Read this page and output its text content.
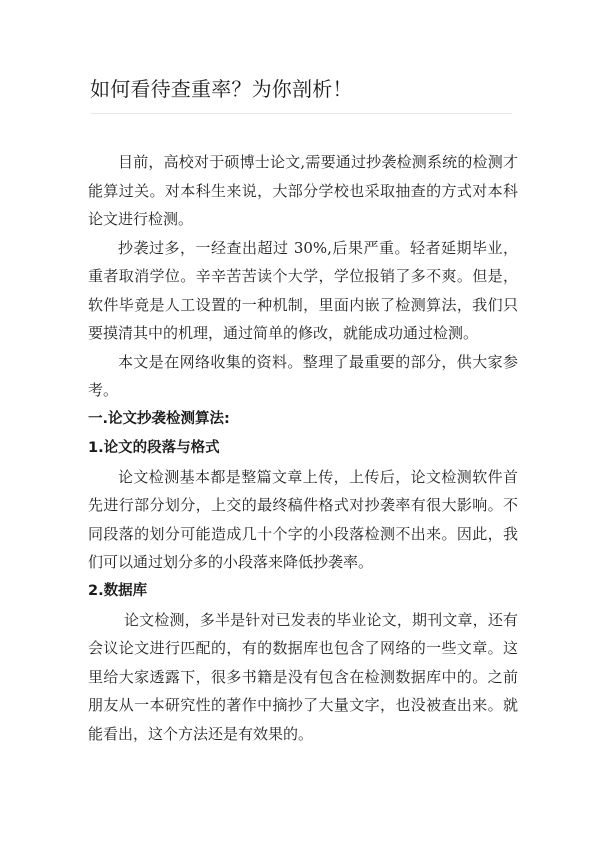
如何看待查重率？为你剖析！

目前，高校对于硕博士论文,需要通过抄袭检测系统的检测才能算过关。对本科生来说，大部分学校也采取抽查的方式对本科论文进行检测。

抄袭过多，一经查出超过 30%,后果严重。轻者延期毕业，重者取消学位。辛辛苦苦读个大学，学位报销了多不爽。但是，软件毕竟是人工设置的一种机制，里面内嵌了检测算法，我们只要摸清其中的机理，通过简单的修改，就能成功通过检测。

本文是在网络收集的资料。整理了最重要的部分，供大家参考。

一.论文抄袭检测算法:
1.论文的段落与格式

论文检测基本都是整篇文章上传，上传后，论文检测软件首先进行部分划分，上交的最终稿件格式对抄袭率有很大影响。不同段落的划分可能造成几十个字的小段落检测不出来。因此，我们可以通过划分多的小段落来降低抄袭率。

2.数据库

论文检测，多半是针对已发表的毕业论文，期刊文章，还有会议论文进行匹配的，有的数据库也包含了网络的一些文章。这里给大家透露下，很多书籍是没有包含在检测数据库中的。之前朋友从一本研究性的著作中摘抄了大量文字，也没被查出来。就能看出，这个方法还是有效果的。
